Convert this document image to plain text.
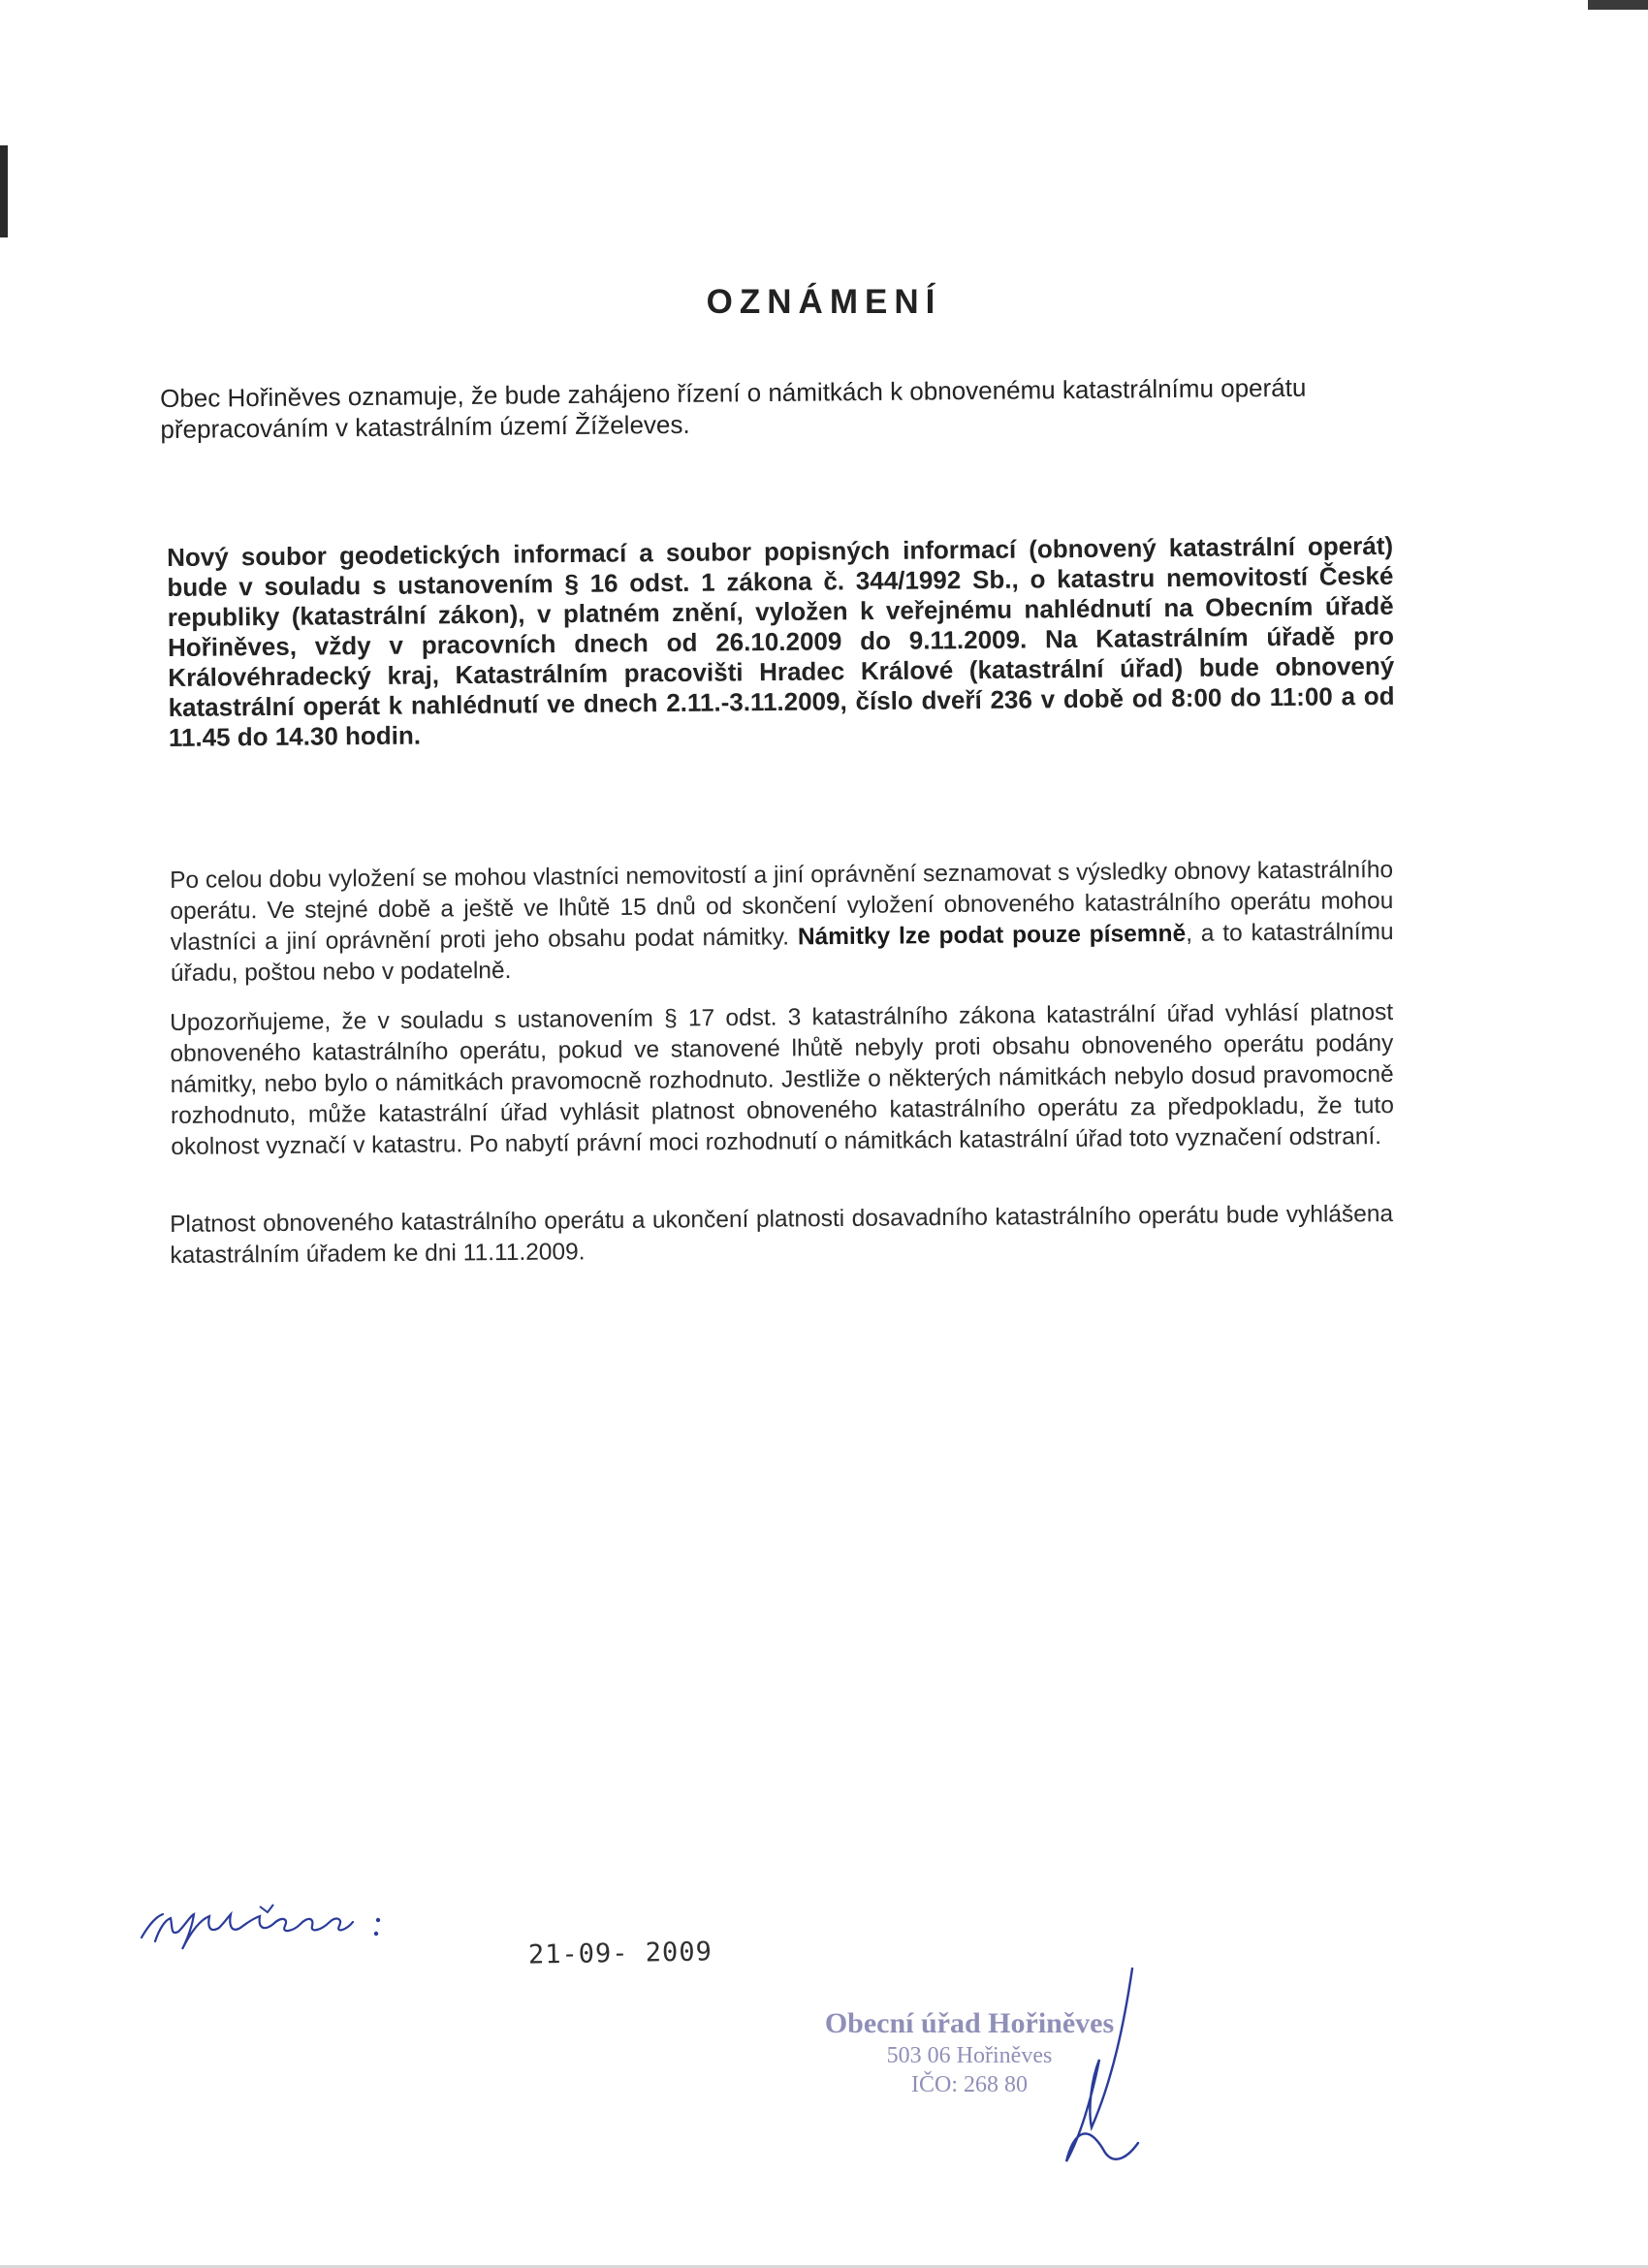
OZNÁMENÍ

Obec Hořiněves oznamuje, že bude zahájeno řízení o námitkách k obnovenému katastrálnímu operátu přepracováním v katastrálním území Žíželeves.

Nový soubor geodetických informací a soubor popisných informací (obnovený katastrální operát) bude v souladu s ustanovením § 16 odst. 1 zákona č. 344/1992 Sb., o katastru nemovitostí České republiky (katastrální zákon), v platném znění, vyložen k veřejnému nahlédnutí na Obecním úřadě Hořiněves, vždy v pracovních dnech od 26.10.2009 do 9.11.2009. Na Katastrálním úřadě pro Královéhradecký kraj, Katastrálním pracovišti Hradec Králové (katastrální úřad) bude obnovený katastrální operát k nahlédnutí ve dnech 2.11.-3.11.2009, číslo dveří 236 v době od 8:00 do 11:00 a od 11.45 do 14.30 hodin.

Po celou dobu vyložení se mohou vlastníci nemovitostí a jiní oprávnění seznamovat s výsledky obnovy katastrálního operátu. Ve stejné době a ještě ve lhůtě 15 dnů od skončení vyložení obnoveného katastrálního operátu mohou vlastníci a jiní oprávnění proti jeho obsahu podat námitky. Námitky lze podat pouze písemně, a to katastrálnímu úřadu, poštou nebo v podatelně.

Upozorňujeme, že v souladu s ustanovením § 17 odst. 3 katastrálního zákona katastrální úřad vyhlásí platnost obnoveného katastrálního operátu, pokud ve stanovené lhůtě nebyly proti obsahu obnoveného operátu podány námitky, nebo bylo o námitkách pravomocně rozhodnuto. Jestliže o některých námitkách nebylo dosud pravomocně rozhodnuto, může katastrální úřad vyhlásit platnost obnoveného katastrálního operátu za předpokladu, že tuto okolnost vyznačí v katastru. Po nabytí právní moci rozhodnutí o námitkách katastrální úřad toto vyznačení odstraní.

Platnost obnoveného katastrálního operátu a ukončení platnosti dosavadního katastrálního operátu bude vyhlášena katastrálním úřadem ke dni 11.11.2009.

21-09- 2009
Obecní úřad Hořiněves
503 06 Hořiněves
IČO: 268 80
